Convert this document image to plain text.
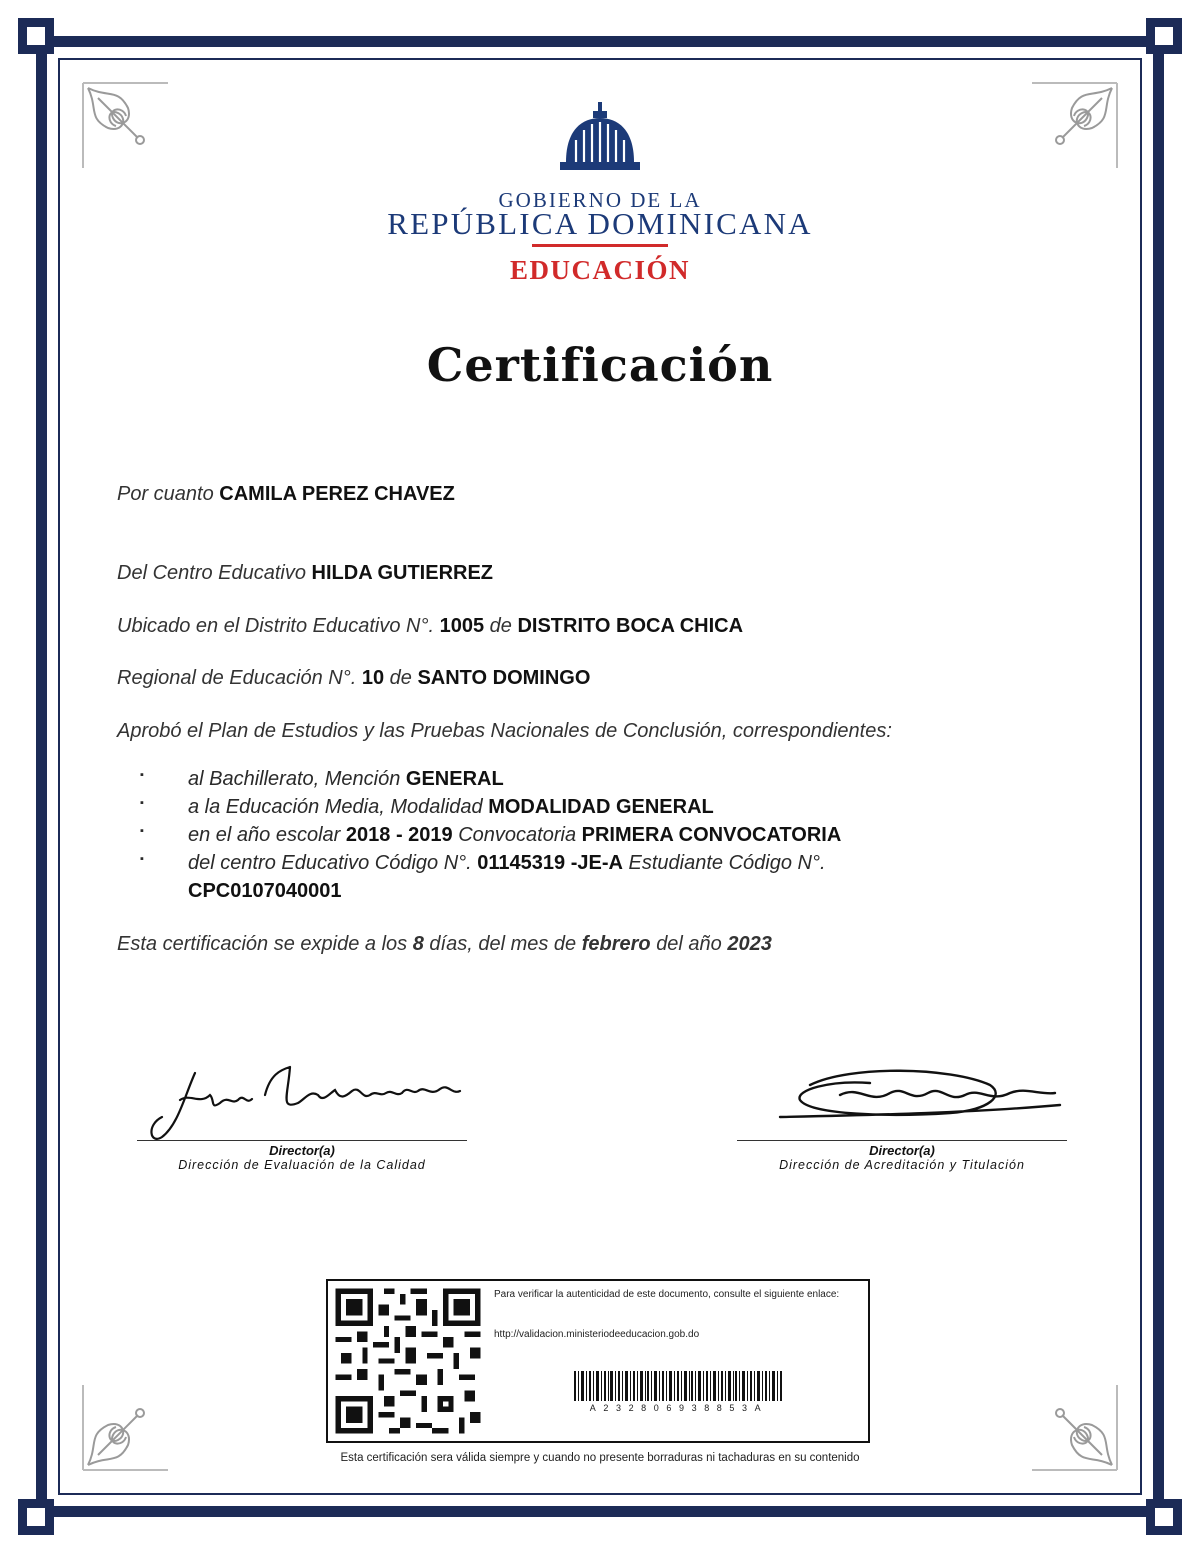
GOBIERNO DE LA
REPÚBLICA DOMINICANA
EDUCACIÓN
Certificación
Por cuanto CAMILA PEREZ CHAVEZ
Del Centro Educativo HILDA GUTIERREZ
Ubicado en el Distrito Educativo N°. 1005 de DISTRITO BOCA CHICA
Regional de Educación N°. 10 de SANTO DOMINGO
Aprobó el Plan de Estudios y las Pruebas Nacionales de Conclusión, correspondientes:
▪ al Bachillerato, Mención GENERAL
▪ a la Educación Media, Modalidad MODALIDAD GENERAL
▪ en el año escolar 2018 - 2019 Convocatoria PRIMERA CONVOCATORIA
▪ del centro Educativo Código N°. 01145319 -JE-A Estudiante Código N°.
CPC0107040001
Esta certificación se expide a los 8 días, del mes de febrero del año 2023
Director(a)
Dirección de Evaluación de la Calidad
Director(a)
Dirección de Acreditación y Titulación
Para verificar la autenticidad de este documento, consulte el siguiente enlace:
http://validacion.ministeriodeeducacion.gob.do
A232806938853A
Esta certificación sera válida siempre y cuando no presente borraduras ni tachaduras en su contenido
